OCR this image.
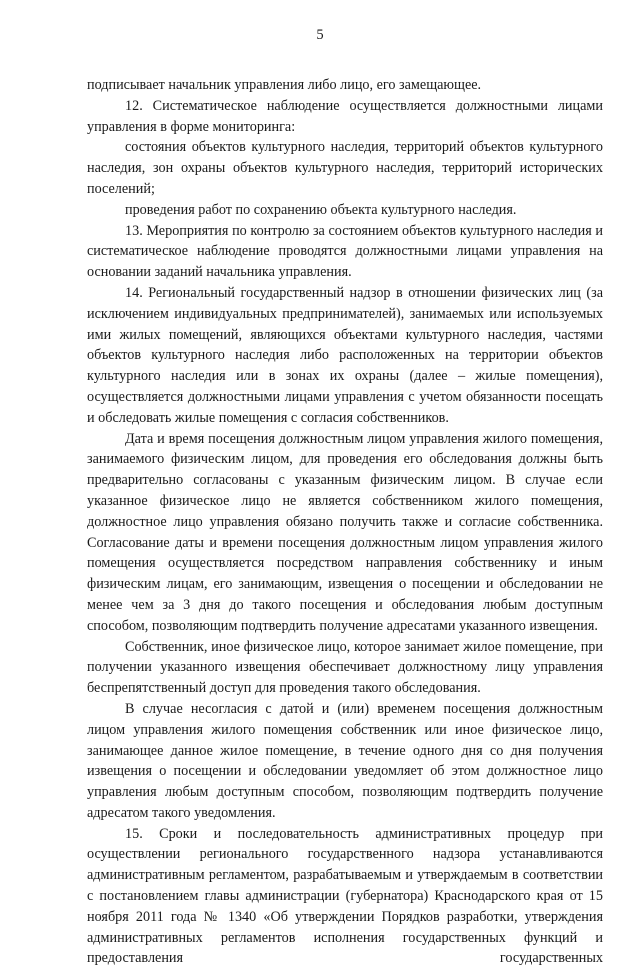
5

подписывает начальник управления либо лицо, его замещающее.

12. Систематическое наблюдение осуществляется должностными лицами управления в форме мониторинга:

состояния объектов культурного наследия, территорий объектов культурного наследия, зон охраны объектов культурного наследия, территорий исторических поселений;

проведения работ по сохранению объекта культурного наследия.

13. Мероприятия по контролю за состоянием объектов культурного наследия и систематическое наблюдение проводятся должностными лицами управления на основании заданий начальника управления.

14. Региональный государственный надзор в отношении физических лиц (за исключением индивидуальных предпринимателей), занимаемых или используемых ими жилых помещений, являющихся объектами культурного наследия, частями объектов культурного наследия либо расположенных на территории объектов культурного наследия или в зонах их охраны (далее – жилые помещения), осуществляется должностными лицами управления с учетом обязанности посещать и обследовать жилые помещения с согласия собственников.

Дата и время посещения должностным лицом управления жилого помещения, занимаемого физическим лицом, для проведения его обследования должны быть предварительно согласованы с указанным физическим лицом. В случае если указанное физическое лицо не является собственником жилого помещения, должностное лицо управления обязано получить также и согласие собственника. Согласование даты и времени посещения должностным лицом управления жилого помещения осуществляется посредством направления собственнику и иным физическим лицам, его занимающим, извещения о посещении и обследовании не менее чем за 3 дня до такого посещения и обследования любым доступным способом, позволяющим подтвердить получение адресатами указанного извещения.

Собственник, иное физическое лицо, которое занимает жилое помещение, при получении указанного извещения обеспечивает должностному лицу управления беспрепятственный доступ для проведения такого обследования.

В случае несогласия с датой и (или) временем посещения должностным лицом управления жилого помещения собственник или иное физическое лицо, занимающее данное жилое помещение, в течение одного дня со дня получения извещения о посещении и обследовании уведомляет об этом должностное лицо управления любым доступным способом, позволяющим подтвердить получение адресатом такого уведомления.

15. Сроки и последовательность административных процедур при осуществлении регионального государственного надзора устанавливаются административным регламентом, разрабатываемым и утверждаемым в соответствии с постановлением главы администрации (губернатора) Краснодарского края от 15 ноября 2011 года № 1340 «Об утверждении Порядков разработки, утверждения административных регламентов исполнения государственных функций и предоставления государственных
